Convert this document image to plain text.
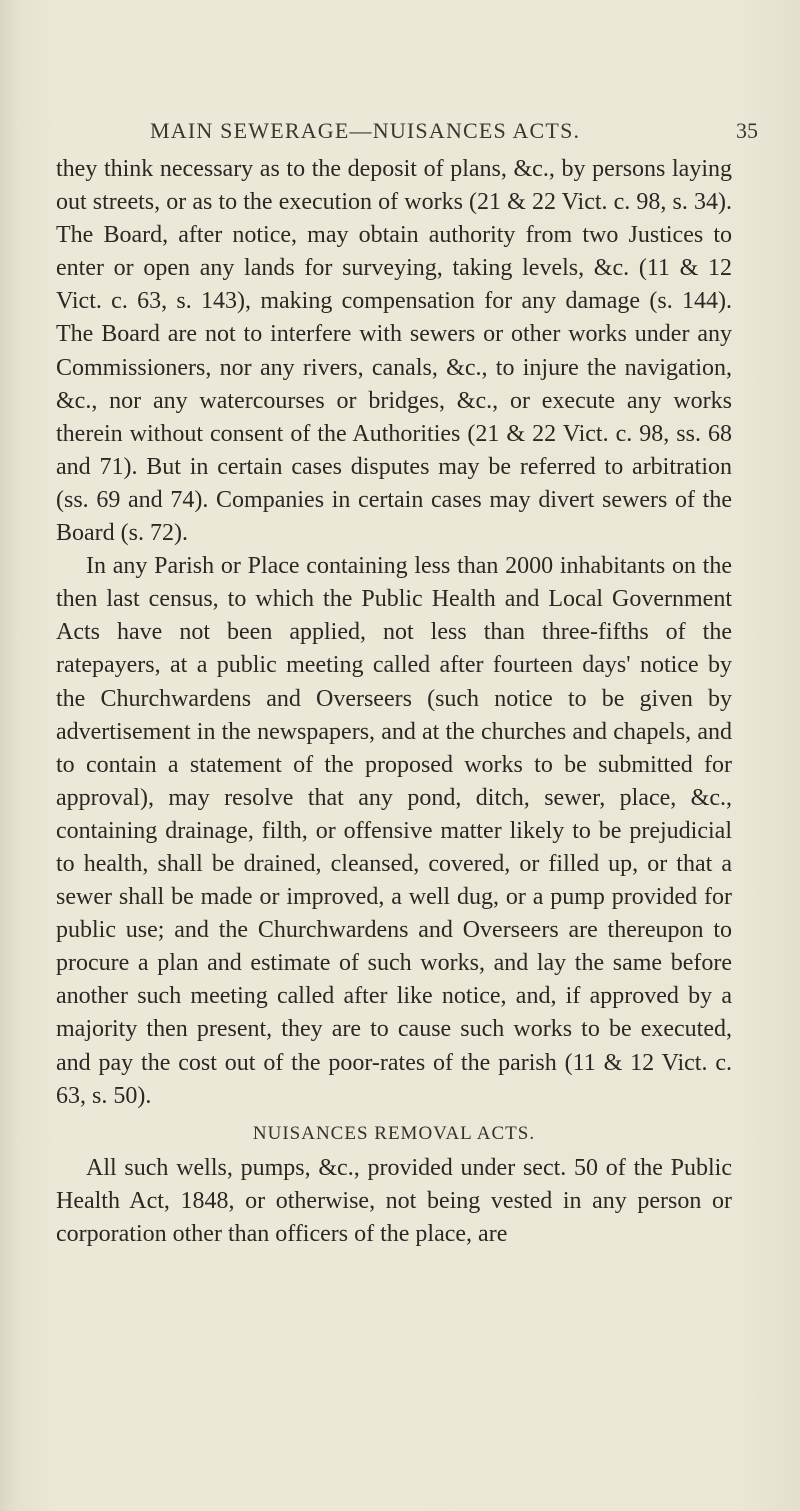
MAIN SEWERAGE—NUISANCES ACTS.	35

they think necessary as to the deposit of plans, &c., by persons laying out streets, or as to the execution of works (21 & 22 Vict. c. 98, s. 34). The Board, after notice, may obtain authority from two Justices to enter or open any lands for surveying, taking levels, &c. (11 & 12 Vict. c. 63, s. 143), making compensation for any damage (s. 144). The Board are not to interfere with sewers or other works under any Commissioners, nor any rivers, canals, &c., to injure the navigation, &c., nor any watercourses or bridges, &c., or execute any works therein without consent of the Authorities (21 & 22 Vict. c. 98, ss. 68 and 71). But in certain cases disputes may be referred to arbitration (ss. 69 and 74). Companies in certain cases may divert sewers of the Board (s. 72).

In any Parish or Place containing less than 2000 inhabitants on the then last census, to which the Public Health and Local Government Acts have not been applied, not less than three-fifths of the ratepayers, at a public meeting called after fourteen days' notice by the Churchwardens and Overseers (such notice to be given by advertisement in the newspapers, and at the churches and chapels, and to contain a statement of the proposed works to be submitted for approval), may resolve that any pond, ditch, sewer, place, &c., containing drainage, filth, or offensive matter likely to be prejudicial to health, shall be drained, cleansed, covered, or filled up, or that a sewer shall be made or improved, a well dug, or a pump provided for public use; and the Churchwardens and Overseers are thereupon to procure a plan and estimate of such works, and lay the same before another such meeting called after like notice, and, if approved by a majority then present, they are to cause such works to be executed, and pay the cost out of the poor-rates of the parish (11 & 12 Vict. c. 63, s. 50).

NUISANCES REMOVAL ACTS.

All such wells, pumps, &c., provided under sect. 50 of the Public Health Act, 1848, or otherwise, not being vested in any person or corporation other than officers of the place, are
